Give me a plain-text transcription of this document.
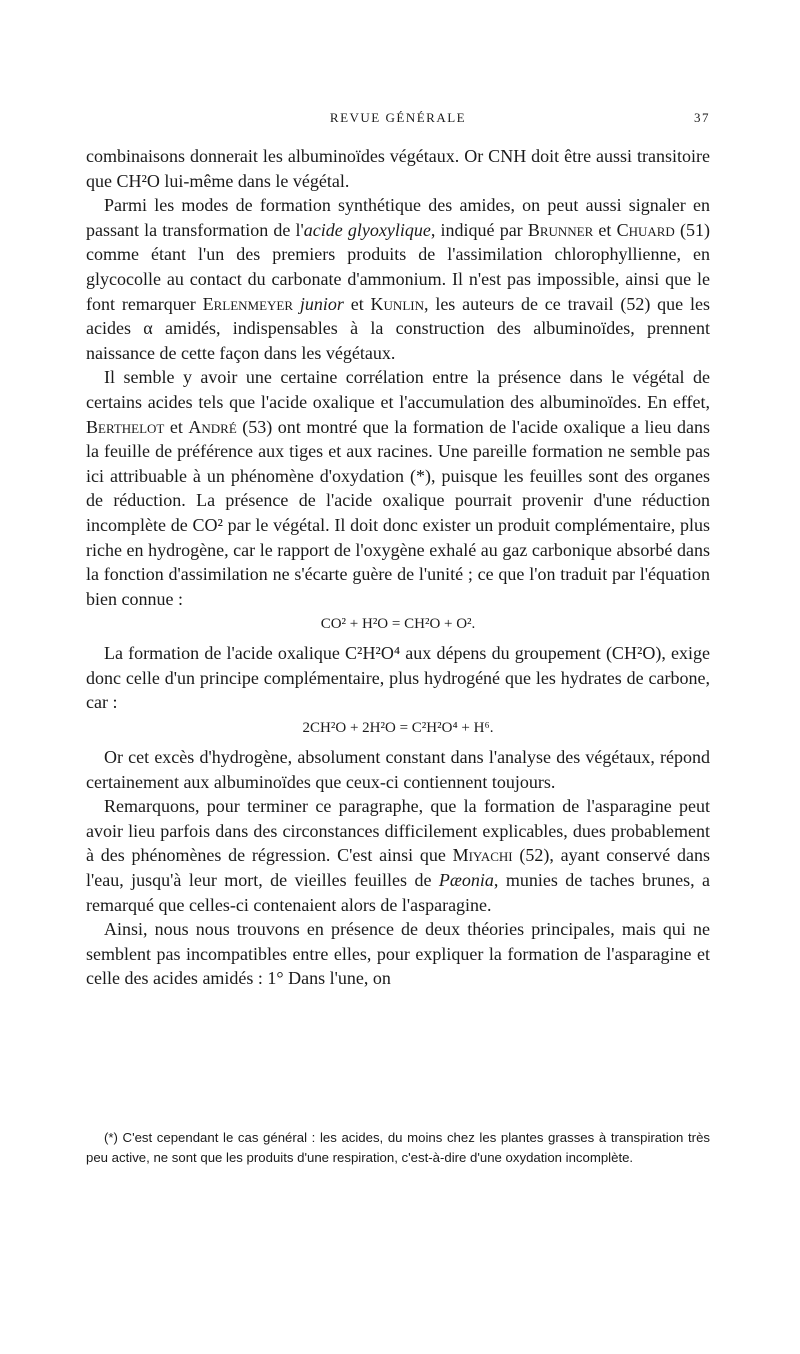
REVUE GÉNÉRALE	37

combinaisons donnerait les albuminoïdes végétaux. Or CNH doit être aussi transitoire que CH²O lui-même dans le végétal.

Parmi les modes de formation synthétique des amides, on peut aussi signaler en passant la transformation de l'acide glyoxylique, indiqué par Brunner et Chuard (51) comme étant l'un des premiers produits de l'assimilation chlorophyllienne, en glycocolle au contact du carbonate d'ammonium. Il n'est pas impossible, ainsi que le font remarquer Erlenmeyer junior et Kunlin, les auteurs de ce travail (52) que les acides α amidés, indispensables à la construction des albuminoïdes, prennent naissance de cette façon dans les végétaux.

Il semble y avoir une certaine corrélation entre la présence dans le végétal de certains acides tels que l'acide oxalique et l'accumulation des albuminoïdes. En effet, Berthelot et André (53) ont montré que la formation de l'acide oxalique a lieu dans la feuille de préférence aux tiges et aux racines. Une pareille formation ne semble pas ici attribuable à un phénomène d'oxydation (*), puisque les feuilles sont des organes de réduction. La présence de l'acide oxalique pourrait provenir d'une réduction incomplète de CO² par le végétal. Il doit donc exister un produit complémentaire, plus riche en hydrogène, car le rapport de l'oxygène exhalé au gaz carbonique absorbé dans la fonction d'assimilation ne s'écarte guère de l'unité ; ce que l'on traduit par l'équation bien connue :

CO² + H²O = CH²O + O².

La formation de l'acide oxalique C²H²O⁴ aux dépens du groupement (CH²O), exige donc celle d'un principe complémentaire, plus hydrogéné que les hydrates de carbone, car :

2CH²O + 2H²O = C²H²O⁴ + H⁶.

Or cet excès d'hydrogène, absolument constant dans l'analyse des végétaux, répond certainement aux albuminoïdes que ceux-ci contiennent toujours.

Remarquons, pour terminer ce paragraphe, que la formation de l'asparagine peut avoir lieu parfois dans des circonstances difficilement explicables, dues probablement à des phénomènes de régression. C'est ainsi que Miyachi (52), ayant conservé dans l'eau, jusqu'à leur mort, de vieilles feuilles de Pæonia, munies de taches brunes, a remarqué que celles-ci contenaient alors de l'asparagine.

Ainsi, nous nous trouvons en présence de deux théories principales, mais qui ne semblent pas incompatibles entre elles, pour expliquer la formation de l'asparagine et celle des acides amidés : 1° Dans l'une, on

(*) C'est cependant le cas général : les acides, du moins chez les plantes grasses à transpiration très peu active, ne sont que les produits d'une respiration, c'est-à-dire d'une oxydation incomplète.
